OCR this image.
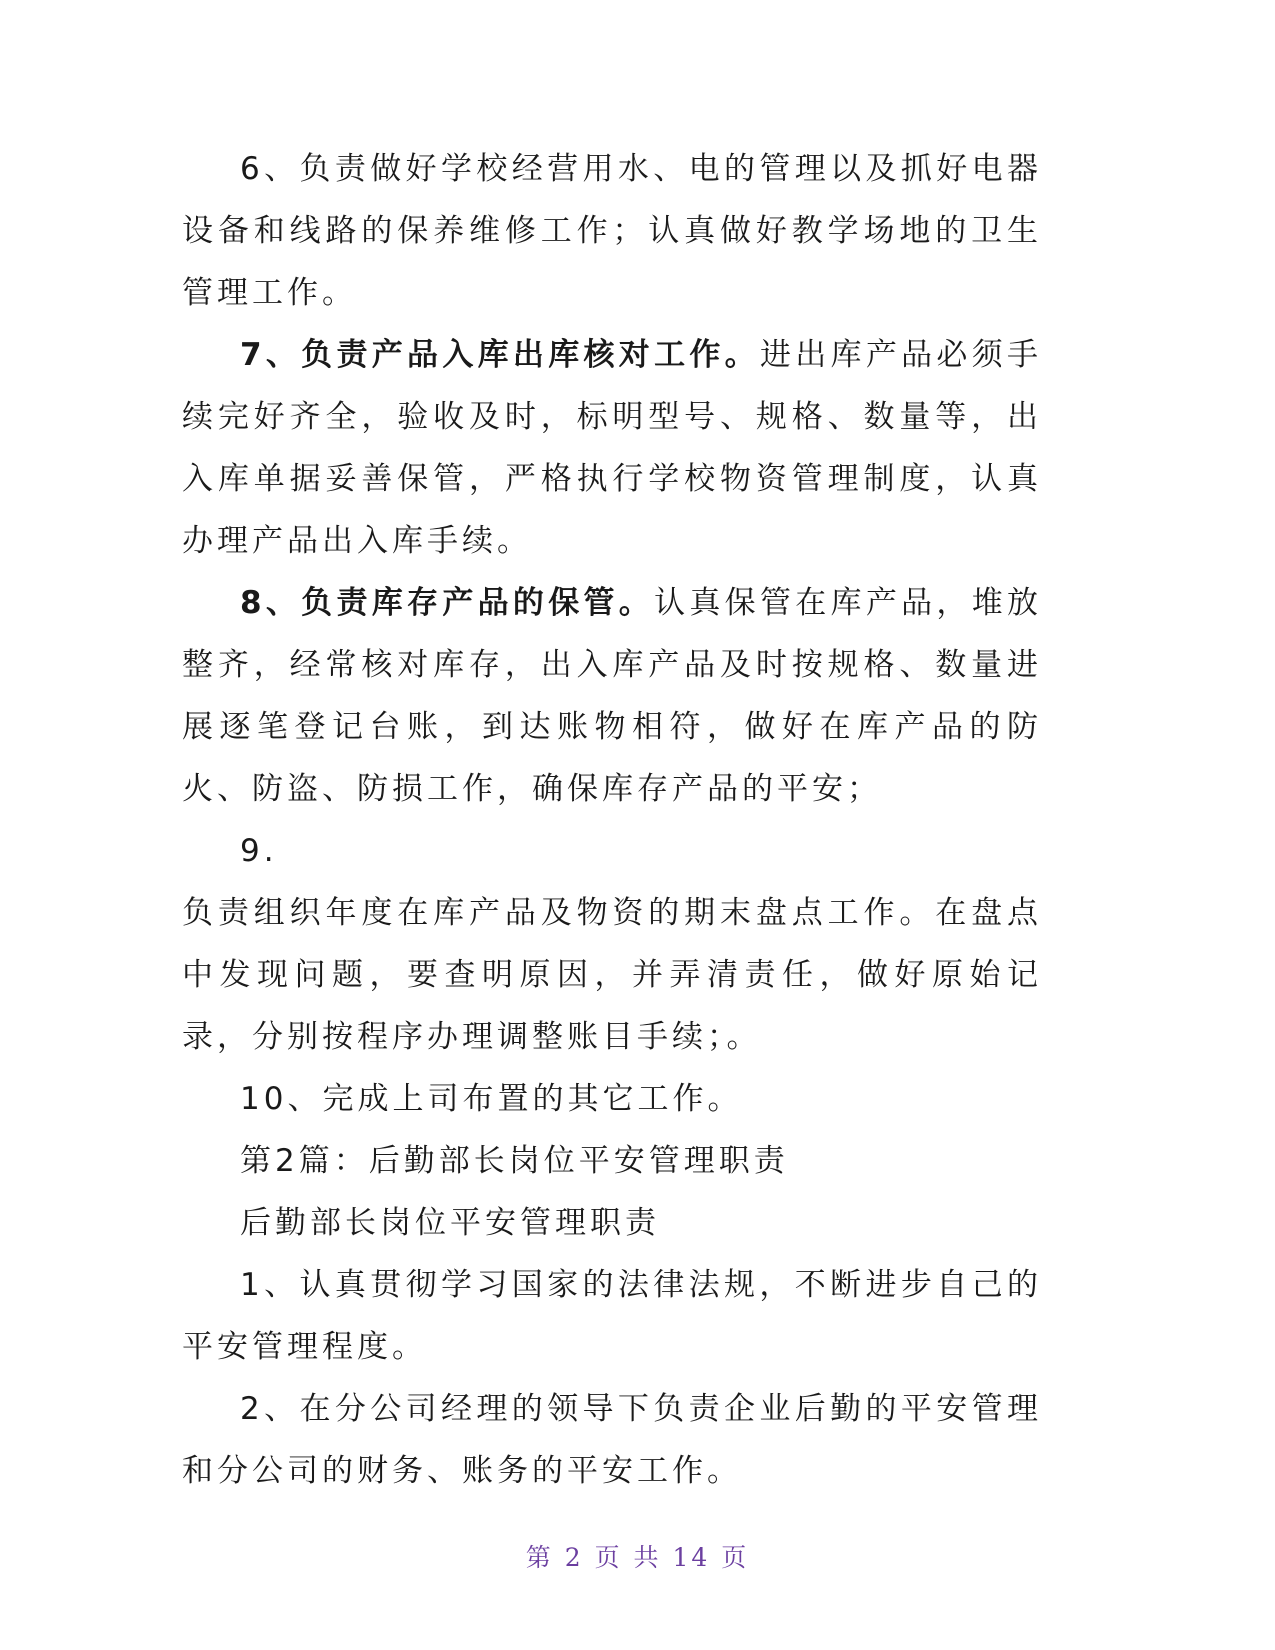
6、负责做好学校经营用水、电的管理以及抓好电器设备和线路的保养维修工作；认真做好教学场地的卫生管理工作。

7、负责产品入库出库核对工作。进出库产品必须手续完好齐全，验收及时，标明型号、规格、数量等，出入库单据妥善保管，严格执行学校物资管理制度，认真办理产品出入库手续。

8、负责库存产品的保管。认真保管在库产品，堆放整齐，经常核对库存，出入库产品及时按规格、数量进展逐笔登记台账，到达账物相符，做好在库产品的防火、防盗、防损工作，确保库存产品的平安；

9.

负责组织年度在库产品及物资的期末盘点工作。在盘点中发现问题，要查明原因，并弄清责任，做好原始记录，分别按程序办理调整账目手续；。

10、完成上司布置的其它工作。

第2篇：后勤部长岗位平安管理职责

后勤部长岗位平安管理职责

1、认真贯彻学习国家的法律法规，不断进步自己的平安管理程度。

2、在分公司经理的领导下负责企业后勤的平安管理和分公司的财务、账务的平安工作。

第 2 页 共 14 页
